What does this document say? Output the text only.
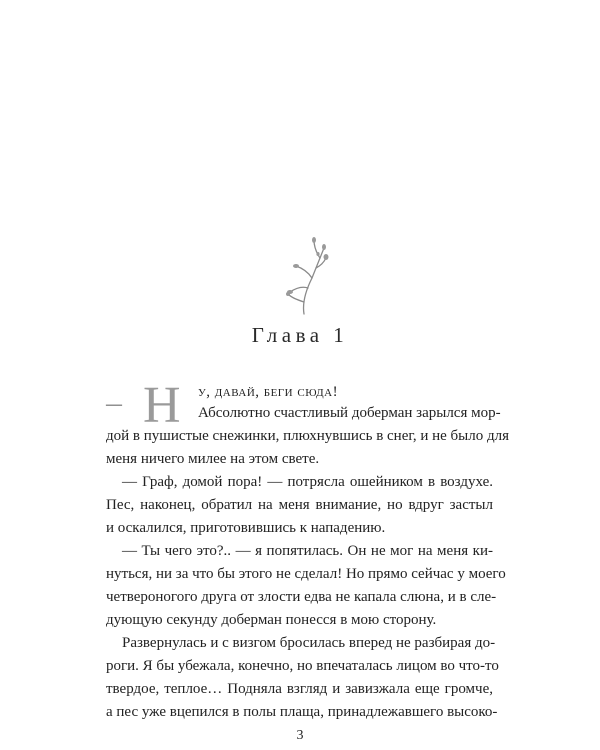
Глава 1
— Н у, давай, беги сюда!
Абсолютно счастливый доберман зарылся мор-
дой в пушистые снежинки, плюхнувшись в снег, и не было для
меня ничего милее на этом свете.
— Граф, домой пора! — потрясла ошейником в воздухе.
Пес, наконец, обратил на меня внимание, но вдруг застыл
и оскалился, приготовившись к нападению.
— Ты чего это?.. — я попятилась. Он не мог на меня ки-
нуться, ни за что бы этого не сделал! Но прямо сейчас у моего
четвероногого друга от злости едва не капала слюна, и в сле-
дующую секунду доберман понесся в мою сторону.
Развернулась и с визгом бросилась вперед не разбирая до-
роги. Я бы убежала, конечно, но впечаталась лицом во что-то
твердое, теплое… Подняла взгляд и завизжала еще громче,
а пес уже вцепился в полы плаща, принадлежавшего высоко-
3
